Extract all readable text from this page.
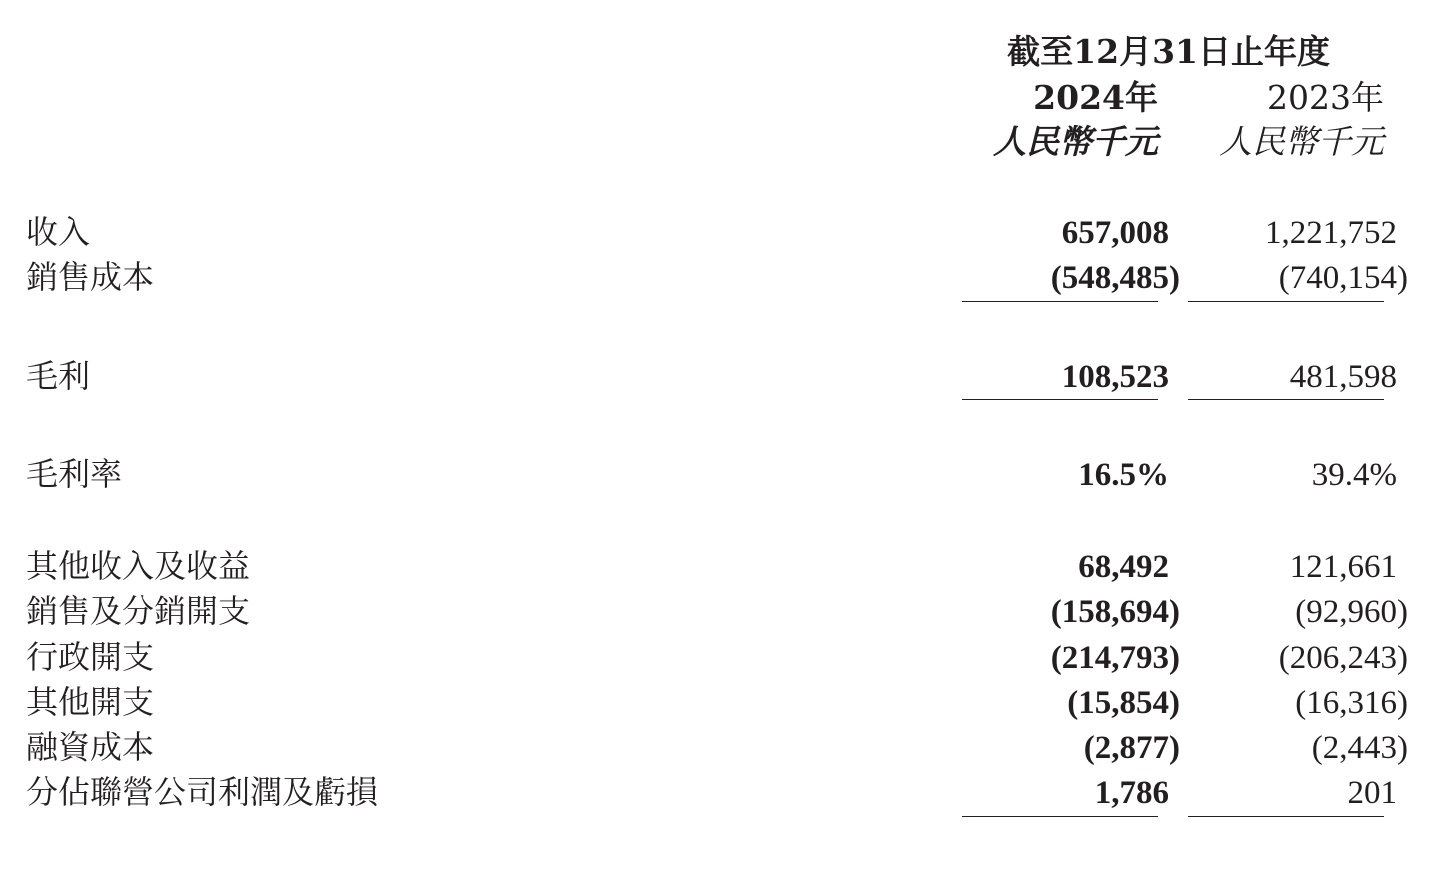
截至12月31日止年度
2024年	2023年
人民幣千元 人民幣千元
收入	657,008	1,221,752
銷售成本	(548,485)	(740,154)
毛利	108,523	481,598
毛利率	16.5%	39.4%
其他收入及收益	68,492	121,661
銷售及分銷開支	(158,694)	(92,960)
行政開支	(214,793)	(206,243)
其他開支	(15,854)	(16,316)
融資成本	(2,877)	(2,443)
分佔聯營公司利潤及虧損	1,786	201
